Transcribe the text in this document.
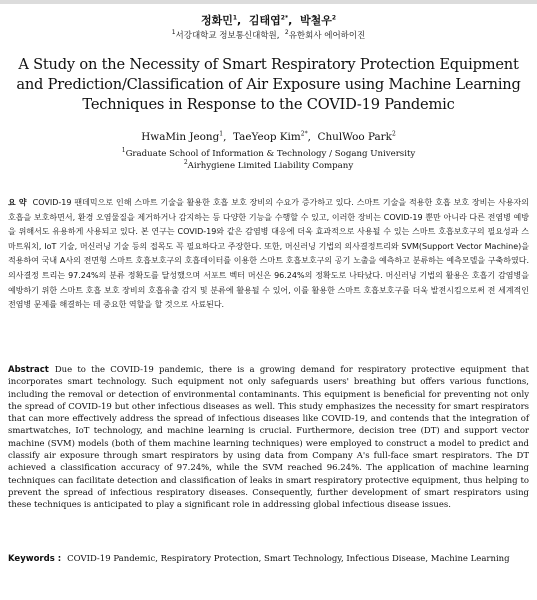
정화민$^1$,  김태엽$^{2*}$,  박철우$^2$
$^1$서강대학교 정보통신대학원,  $^2$유한회사 에어하이진
A Study on the Necessity of Smart Respiratory Protection Equipment and Prediction/Classification of Air Exposure using Machine Learning Techniques in Response to the COVID-19 Pandemic
HwaMin Jeong$^1$,  TaeYeop Kim$^{2*}$,  ChulWoo Park$^2$
$^1$Graduate School of Information & Technology / Sogang University
$^2$Airhygiene Limited Liability Company
요 약 COVID-19 팬데믹으로 인해 스마트 기술을 활용한 호흡 보호 장비의 수요가 증가하고 있다. 스마트 기술을 적용한 호흡 보호 장비는 사용자의 호흡을 보호하면서, 환경 오염물질을 제거하거나 감지하는 등 다양한 기능을 수행할 수 있고, 이러한 장비는 COVID-19 뿐만 아니라 다른 전염병 예방을 위해서도 유용하게 사용되고 있다. 본 연구는 COVID-19와 같은 감염병 대응에 더욱 효과적으로 사용될 수 있는 스마트 호흡보호구의 필요성과 스마트워치, IoT 기술, 머신러닝 기술 등의 접목도 꼭 필요하다고 주장한다. 또한, 머신러닝 기법의 의사결정트리와 SVM(Support Vector Machine)을 적용하여 국내 A사의 전면형 스마트 호흡보호구의 호흡데이터를 이용한 스마트 호흡보호구의 공기 노출을 예측하고 분류하는 예측모델을 구축하였다. 의사결정 트리는 97.24%의 분류 정확도를 달성했으며 서포트 벡터 머신은 96.24%의 정확도로 나타났다. 머신러닝 기법의 활용은 호흡기 감염병을 예방하기 위한 스마트 호흡 보호 장비의 호흡유출 감지 및 분류에 활용될 수 있어, 이를 활용한 스마트 호흡보호구를 더욱 발전시킴으로써 전 세계적인 전염병 문제를 해결하는 데 중요한 역할을 할 것으로 사료된다.
Abstract Due to the COVID-19 pandemic, there is a growing demand for respiratory protective equipment that incorporates smart technology. Such equipment not only safeguards users' breathing but offers various functions, including the removal or detection of environmental contaminants. This equipment is beneficial for preventing not only the spread of COVID-19 but other infectious diseases as well. This study emphasizes the necessity for smart respirators that can more effectively address the spread of infectious diseases like COVID-19, and contends that the integration of smartwatches, IoT technology, and machine learning is crucial. Furthermore, decision tree (DT) and support vector machine (SVM) models (both of them machine learning techniques) were employed to construct a model to predict and classify air exposure through smart respirators by using data from Company A's full-face smart respirators. The DT achieved a classification accuracy of 97.24%, while the SVM reached 96.24%. The application of machine learning techniques can facilitate detection and classification of leaks in smart respiratory protective equipment, thus helping to prevent the spread of infectious respiratory diseases. Consequently, further development of smart respirators using these techniques is anticipated to play a significant role in addressing global infectious disease issues.
Keywords : COVID-19 Pandemic, Respiratory Protection, Smart Technology, Infectious Disease, Machine Learning
